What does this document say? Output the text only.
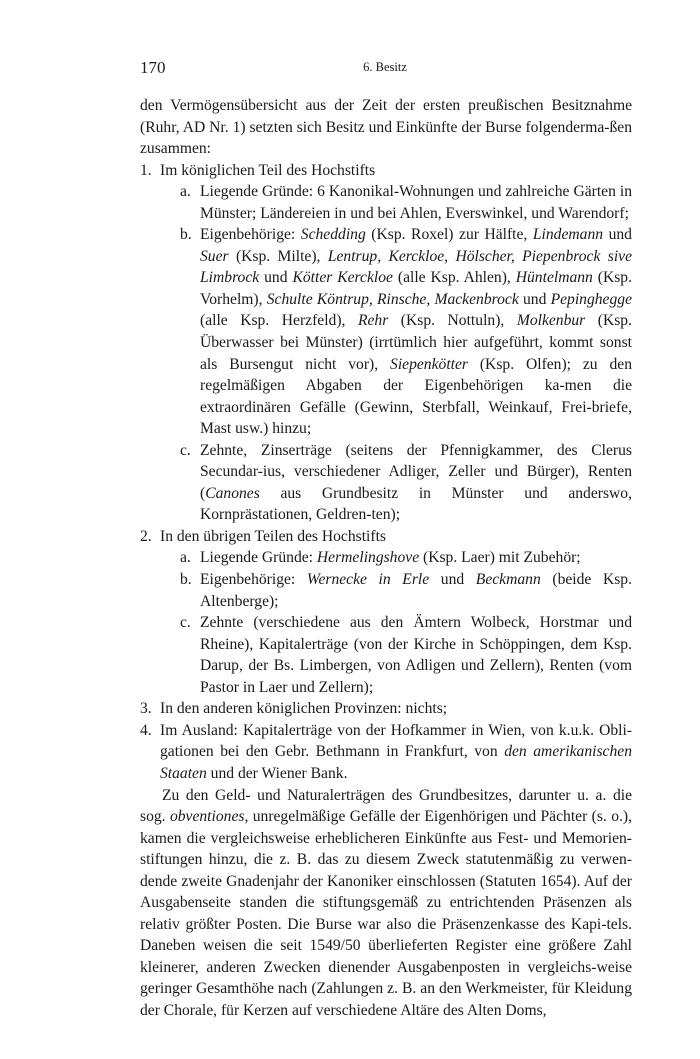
170	6. Besitz

den Vermögensübersicht aus der Zeit der ersten preußischen Besitznahme (Ruhr, AD Nr. 1) setzten sich Besitz und Einkünfte der Burse folgenderma-ßen zusammen:

1. Im königlichen Teil des Hochstifts
a. Liegende Gründe: 6 Kanonikal-Wohnungen und zahlreiche Gärten in Münster; Ländereien in und bei Ahlen, Everswinkel, und Warendorf;
b. Eigenbehörige: Schedding (Ksp. Roxel) zur Hälfte, Lindemann und Suer (Ksp. Milte), Lentrup, Kerckloe, Hölscher, Piepenbrock sive Limbrock und Kötter Kerckloe (alle Ksp. Ahlen), Hüntelmann (Ksp. Vorhelm), Schulte Köntrup, Rinsche, Mackenbrock und Pepinghegge (alle Ksp. Herzfeld), Rehr (Ksp. Nottuln), Molkenbur (Ksp. Überwasser bei Münster) (irrtümlich hier aufgeführt, kommt sonst als Bursengut nicht vor), Siepenkötter (Ksp. Olfen); zu den regelmäßigen Abgaben der Eigenbehörigen ka-men die extraordinären Gefälle (Gewinn, Sterbfall, Weinkauf, Frei-briefe, Mast usw.) hinzu;
c. Zehnte, Zinserträge (seitens der Pfennigkammer, des Clerus Secundar-ius, verschiedener Adliger, Zeller und Bürger), Renten (Canones aus Grundbesitz in Münster und anderswo, Kornprästationen, Geldren-ten);
2. In den übrigen Teilen des Hochstifts
a. Liegende Gründe: Hermelingshove (Ksp. Laer) mit Zubehör;
b. Eigenbehörige: Wernecke in Erle und Beckmann (beide Ksp. Altenberge);
c. Zehnte (verschiedene aus den Ämtern Wolbeck, Horstmar und Rheine), Kapitalerträge (von der Kirche in Schöppingen, dem Ksp. Darup, der Bs. Limbergen, von Adligen und Zellern), Renten (vom Pastor in Laer und Zellern);
3. In den anderen königlichen Provinzen: nichts;
4. Im Ausland: Kapitalerträge von der Hofkammer in Wien, von k.u.k. Obli-gationen bei den Gebr. Bethmann in Frankfurt, von den amerikanischen Staaten und der Wiener Bank.

Zu den Geld- und Naturalerträgen des Grundbesitzes, darunter u. a. die sog. obventiones, unregelmäßige Gefälle der Eigenhörigen und Pächter (s. o.), kamen die vergleichsweise erheblicheren Einkünfte aus Fest- und Memorien-stiftungen hinzu, die z. B. das zu diesem Zweck statutenmäßig zu verwen-dende zweite Gnadenjahr der Kanoniker einschlossen (Statuten 1654). Auf der Ausgabenseite standen die stiftungsgemäß zu entrichtenden Präsenzen als relativ größter Posten. Die Burse war also die Präsenzenkasse des Kapi-tels. Daneben weisen die seit 1549/50 überlieferten Register eine größere Zahl kleinerer, anderen Zwecken dienender Ausgabenposten in vergleichs-weise geringer Gesamthöhe nach (Zahlungen z. B. an den Werkmeister, für Kleidung der Chorale, für Kerzen auf verschiedene Altäre des Alten Doms,
